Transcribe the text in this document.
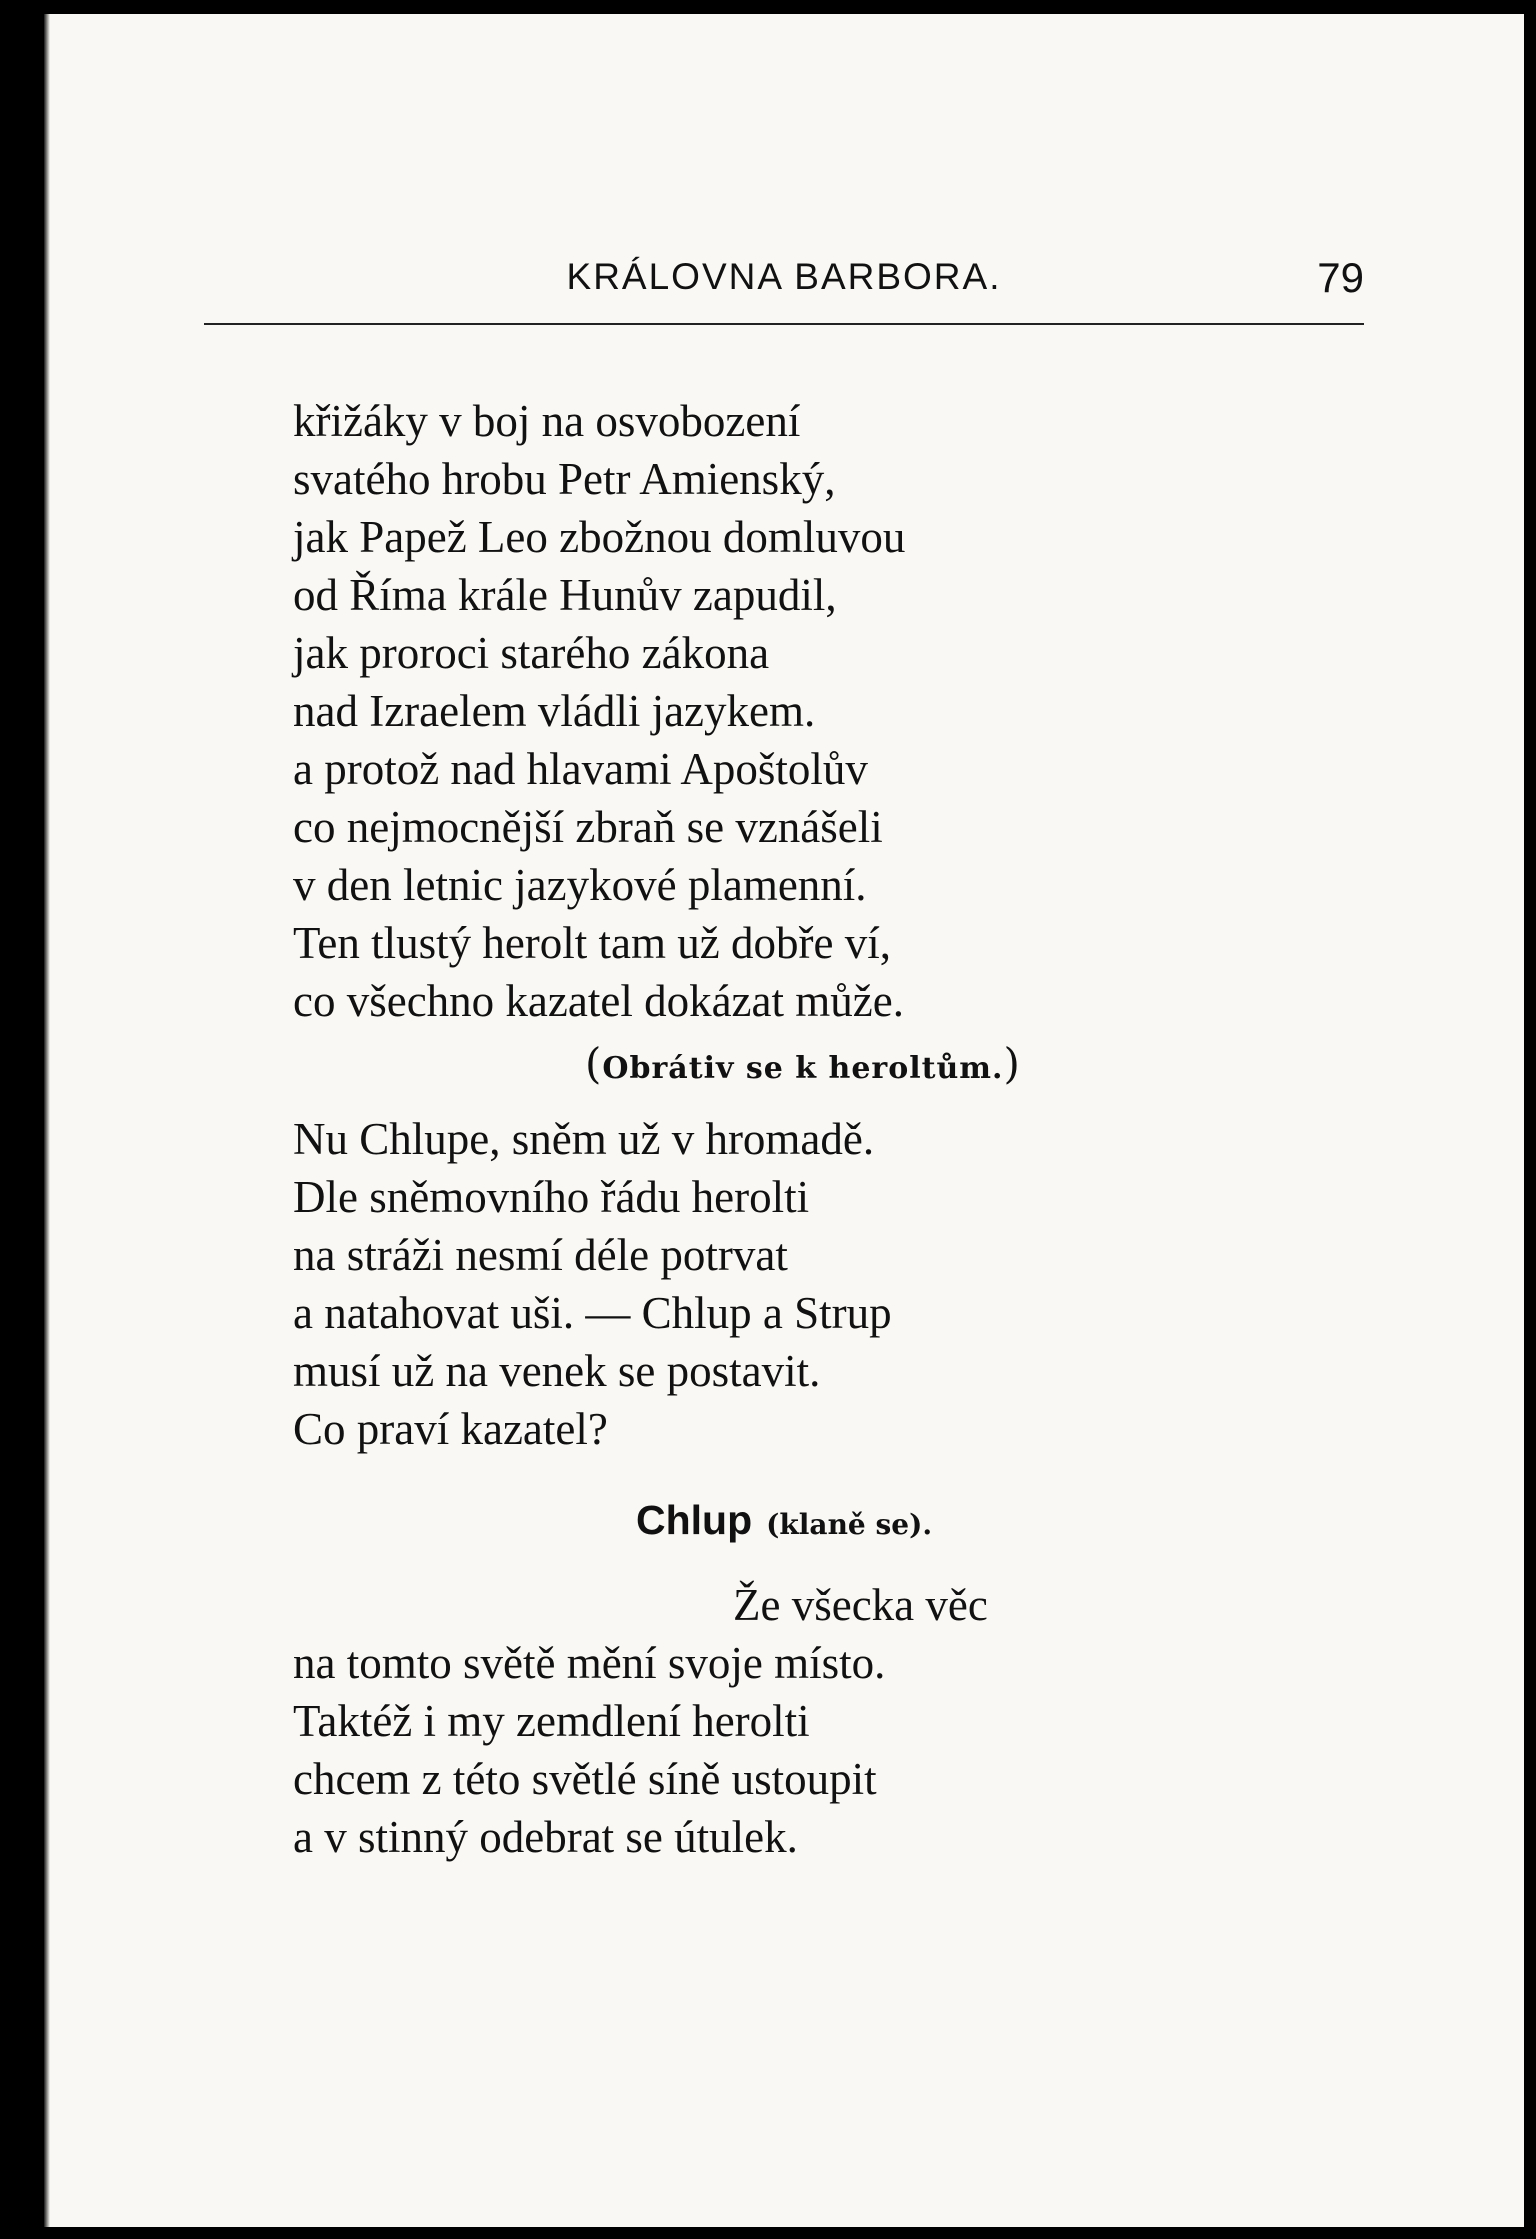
KRÁLOVNA BARBORA.	79
křižáky v boj na osvobození
svatého hrobu Petr Amienský,
jak Papež Leo zbožnou domluvou
od Říma krále Hunův zapudil,
jak proroci starého zákona
nad Izraelem vládli jazykem.
a protož nad hlavami Apoštolův
co nejmocnější zbraň se vznášeli
v den letnic jazykové plamenní.
Ten tlustý herolt tam už dobře ví,
co všechno kazatel dokázat může.
(Obrátiv se k heroltům.)
Nu Chlupe, sněm už v hromadě.
Dle sněmovního řádu herolti
na stráži nesmí déle potrvat
a natahovat uši. — Chlup a Strup
musí už na venek se postavit.
Co praví kazatel?
Chlup (klaně se).
Že všecka věc
na tomto světě mění svoje místo.
Taktéž i my zemdlení herolti
chcem z této světlé síně ustoupit
a v stinný odebrat se útulek.
